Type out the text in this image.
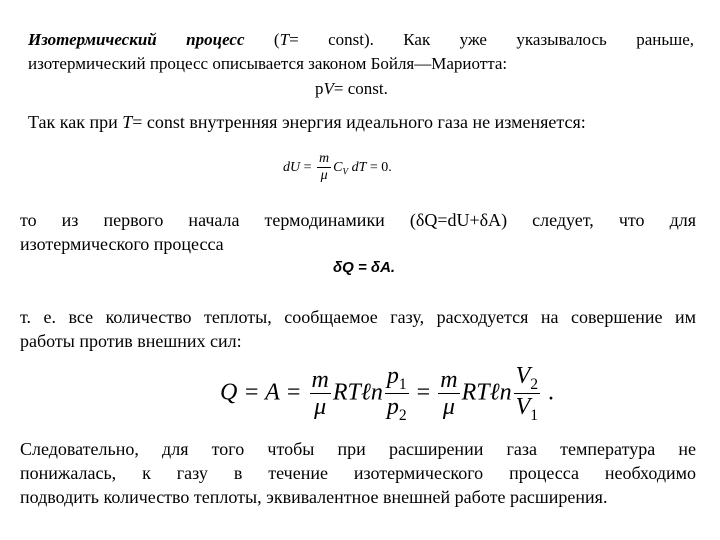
Изотермический процесс (T= const). Как уже указывалось раньше,
изотермический процесс описывается законом Бойля—Мариотта:
pV= const.
Так как при T= const внутренняя энергия идеального газа не изменяется:
dU = $\frac{m}{\mu} C_V$ dT = 0.
то из первого начала термодинамики (δQ=dU+δA) следует, что для
изотермического процесса
δQ = δA.
т. е. все количество теплоты, сообщаемое газу, расходуется на совершение им
работы против внешних сил:
$Q = A = \frac{m}{\mu}$ RTℓn $\frac{p_1}{p_2} = \frac{m}{\mu}$ RTℓn $\frac{V_2}{V_1}$ .
Следовательно, для того чтобы при расширении газа температура не
понижалась, к газу в течение изотермического процесса необходимо
подводить количество теплоты, эквивалентное внешней работе расширения.
